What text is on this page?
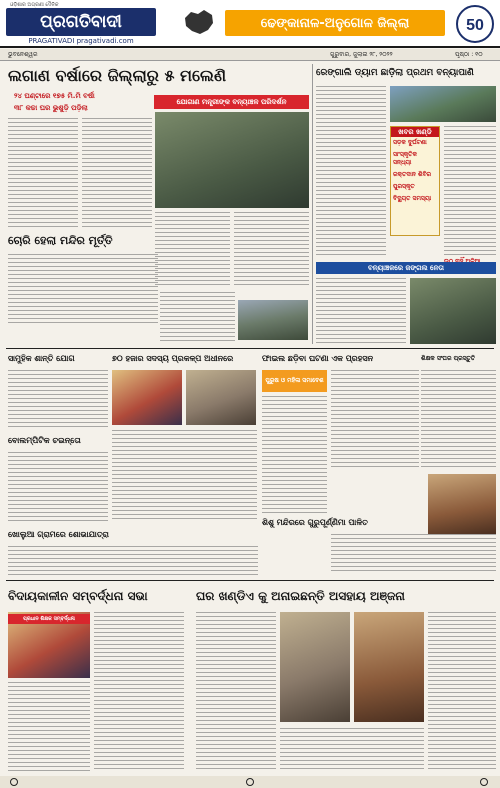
ଓଡ଼ିଶାର ଅଗ୍ରଣୀ ଦୈନିକ
ପ୍ରଗତିବାଦୀ
PRAGATIVADI pragativadi.com
ଢେଙ୍କାନାଳ-ଅନୁଗୋଳ ଜିଲ୍ଲା	50
ଭୁବନେଶ୍ୱର	ଗୁରୁବାର, ଜୁଲାଇ ୨୮, ୨୦୨୨	ପୃଷ୍ଠା : ୧୦
ଲଗାଣ ବର୍ଷାରେ ଜିଲ୍ଲାରୁ ୫ ମଲେଣି
୨୪ ଘଣ୍ଟାରେ ୧୭୫ ମି.ମି ବର୍ଷା
୩୮ କଚ୍ଚା ଘର ଭୁଶୁଡ଼ି ପଡ଼ିଲା
ଯୋଗାଣ ମନ୍ତ୍ରୀଙ୍କ ବନ୍ୟାଞ୍ଚଳ ପରିଦର୍ଶନ
ଚୋରି ହେଲା ମନ୍ଦିର ମୂର୍ତ୍ତି
ରେଙ୍ଗାଲି ଡ୍ୟାମ ଛାଡ଼ିଲା ପ୍ରଥମ ବନ୍ୟାପାଣି
ଖବର ଖଣ୍ଡି
ସଡ଼କ ଦୁର୍ଘଟଣା
ସାଂସ୍କୃତିକ ସନ୍ଧ୍ୟା
ରକ୍ତଦାନ ଶିବିର
ପୁରସ୍କୃତ
ବିଦ୍ୟୁତ ସମସ୍ୟା
ବନ୍ୟାଞ୍ଚଳରେ ଜଙ୍ଗଲ ନେତା
ସାମୁହିକ ଶାନ୍ତି ଯୋଗ
ବୋଲମ୍ପିଟିକ ଚଇନ୍ତୋ
୭୦ ହଜାର ସଦସ୍ୟ ପ୍ରକଳ୍ପ ଅଧୀନରେ	ଫାଇଲ ଛଡ଼ିବା ଘଟଣା ଏକ ପ୍ରହସନ
ପୁରୁଷ ଓ ମହିଳା ସମାବେଶ
ଶିକ୍ଷକ ସଂଘର ପ୍ରସ୍ତୁତି
ଶିଶୁ ମନ୍ଦିରରେ ଗୁରୁପୂର୍ଣ୍ଣିମା ପାଳିତ
ଖୋଲୁଆ ଗ୍ରାମରେ ଶୋଭାଯାତ୍ରା
ବିଦାୟକାଳୀନ ସମ୍ବର୍ଦ୍ଧନା ସଭା
ପ୍ରଧାନ ଶିକ୍ଷକ ସମ୍ବର୍ଦ୍ଧନା
ଘର ଖଣ୍ଡିଏ କୁ ଅନାଇଛନ୍ତି ଅସହାୟ ଅଞ୍ଜନା
